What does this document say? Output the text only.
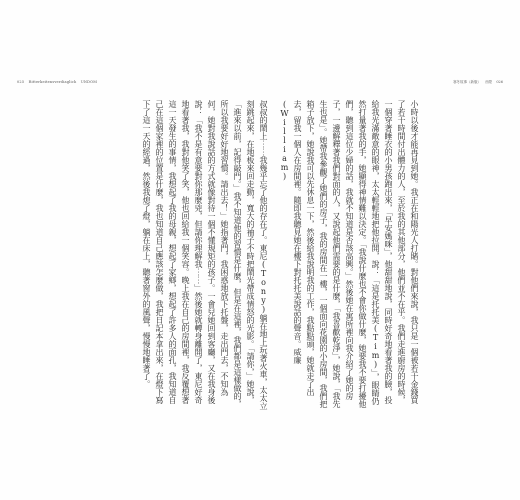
025 Ritterkeitensverdiaglich UNDOM	寒冬故事（新版） 西蒙 026

叔叔的鬧上⋯⋯我幾乎忘了他的存在了。東尼(Tony)躺在地上玩著火車，太太立刻跳起來，在地板來回走動，寬大的袖子不時把鬧光帶成情怒的光影。「請你，」她說，「進來以前，記得敲門。」我不知道他的習慣是什麼，但是在這裡，我們都是這樣做的，所以我要好好地習慣。請出去！」她指著門，我困惑地放下托盤，走出門去，不知為何，她對我說話的方式就像對待一個不懂規矩的孩子。一會兒她回到客廳，又在我身後說：「我不是有意要對你那麼兇，但請你理解我⋯⋯」然後她就轉身離開了，東尼好奇地看著我，我對他笑了笑，他也回給我一個笑容。晚上我在自己的房間裡，我反覆想著這一天發生的事情，我想起了我的母親，想起了家鄉，想起了許多人的面孔，我知道自己在這個家裡的位置是什麼，我也知道自己應該怎麼做，我把日記本拿出來，在燈下寫下了這一天的經過，然後我熄了燈，躺在床上，聽著窗外的風聲，慢慢地睡著了。	小時以後才能再見到她。我正在和陽光人打賭。對他們來說，我只是一個被若干金錢買了若干時間付出體力的人，至於我的其他部分，他們並不在乎。我們走進廚房的時候，一個穿著睡衣的小男孩跑出來，「早安媽咪」，他甜甜地說，同時好奇地看著我的臉，投給我光滿敵意的眼神，太太輕輕地把他拉開，說：「這是托托美(Tim)」，眼睛仍然打量著我的手，她顯得神情難以決定。「我說什麼也不會你做什麼，她要我不要打擾他們，聽到這位少婦的話，我就不知道是否該高興。」然後她在寓所裡向我介紹了她的房子，一邊解釋著我們對面的人，又說起他們需要的是什麼，「我喜歡乾淨」，她說，「我先生也是」。她帶我參觀了她們的房子，我的房間在一樓，一個面向花園的小房間，我們把箱子放下，她說我可以先休息一下，然後給我說明我的工作，我點點頭，她就走了出去，留我一個人在房間裡。隨即我聽見她在樓下對托托美說話的聲音。威廉(William)
